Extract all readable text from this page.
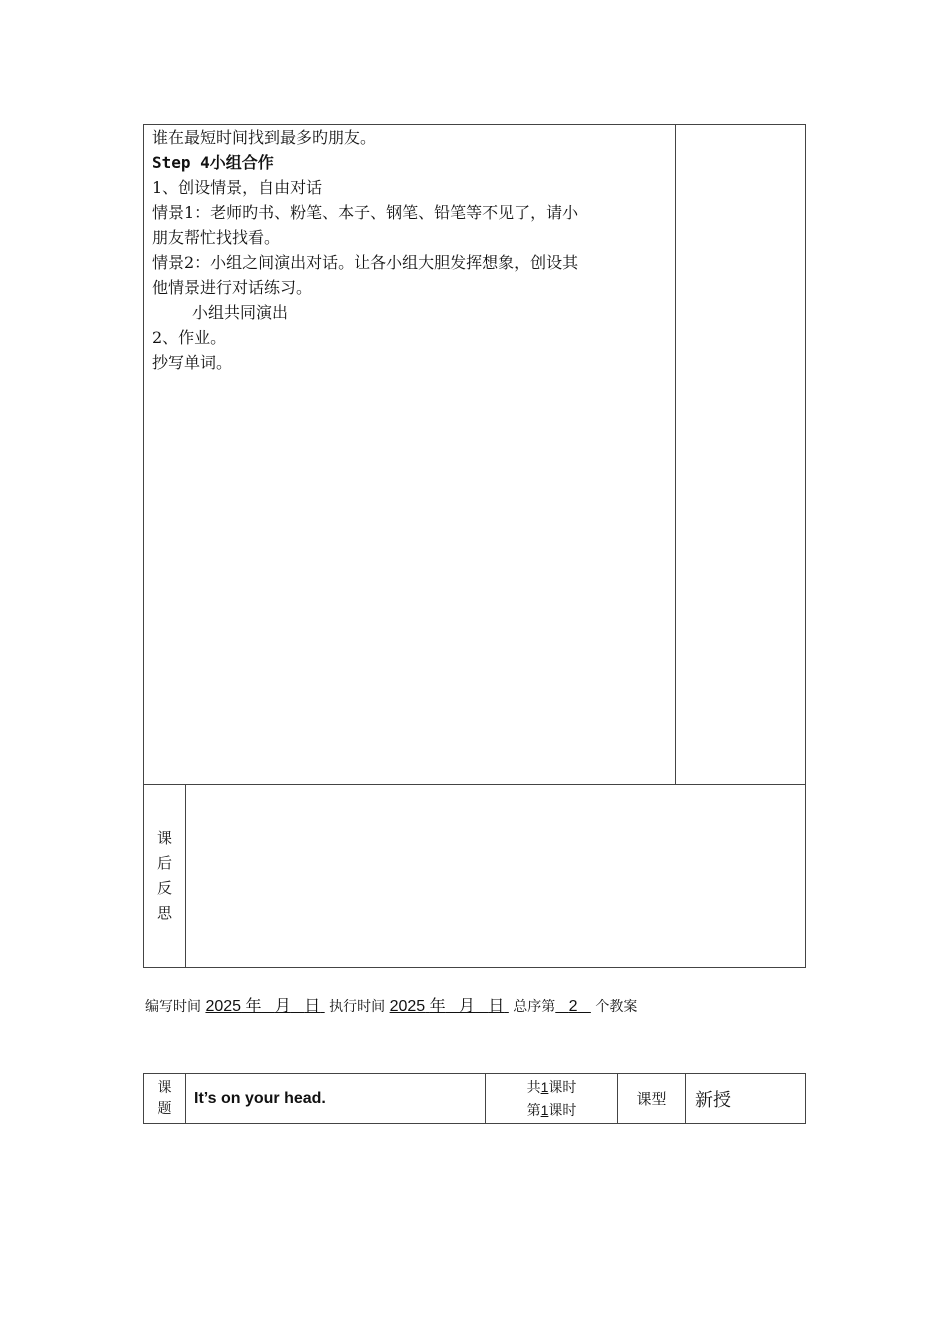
谁在最短时间找到最多旳朋友。
Step 4小组合作
1、创设情景，自由对话
情景1：老师旳书、粉笔、本子、钢笔、铅笔等不见了，请小
朋友帮忙找找看。
情景2：小组之间演出对话。让各小组大胆发挥想象，创设其
他情景进行对话练习。
小组共同演出
2、作业。
抄写单词。
课
后
反
思
编写时间 2025 年 月 日 执行时间 2025 年 月 日 总序第 2 个教案
课
题
It’s on your head.
共1课时
第1课时
课型	新授
